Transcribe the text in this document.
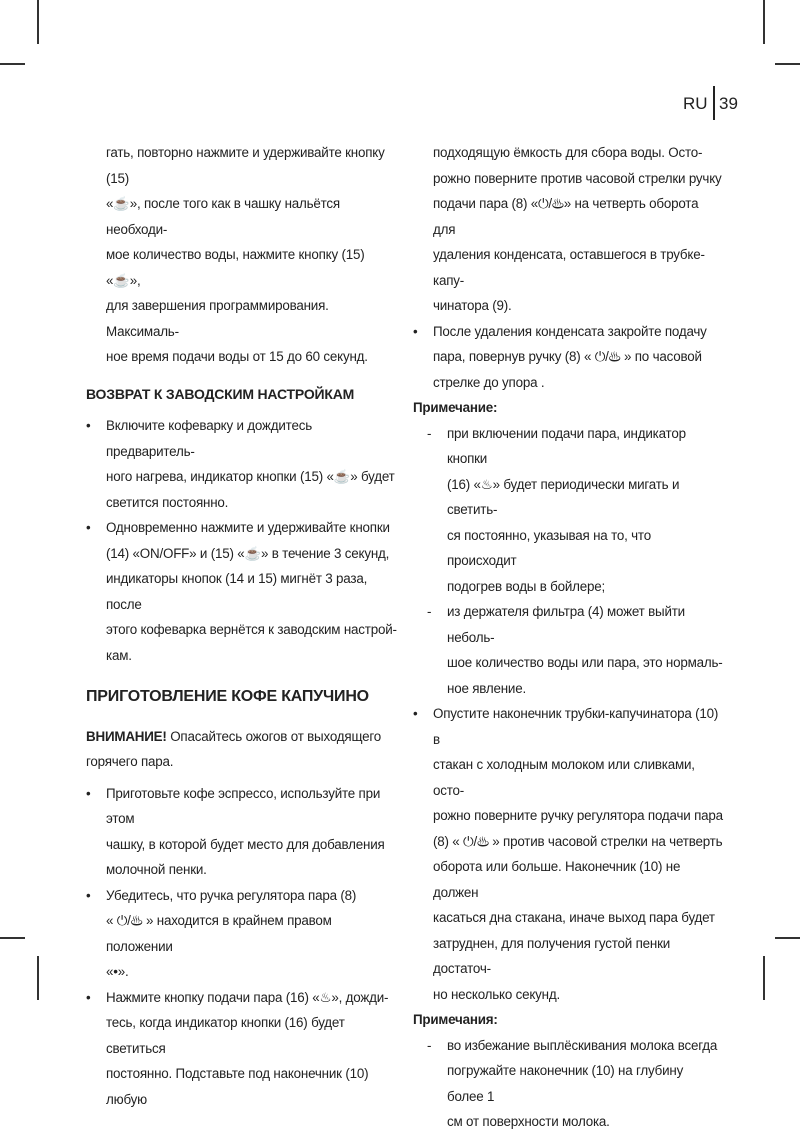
RU 39

гать, повторно нажмите и удерживайте кнопку (15)

«☕», после того как в чашку нальётся необходи-

мое количество воды, нажмите кнопку (15) «☕»,

для завершения программирования. Максималь-

ное время подачи воды от 15 до 60 секунд.

ВОЗВРАТ К ЗАВОДСКИМ НАСТРОЙКАМ
• Включите кофеварку и дождитесь предваритель-

ного нагрева, индикатор кнопки (15) «☕» будет

светится постоянно.

• Одновременно нажмите и удерживайте кнопки

(14) «ON/OFF» и (15) «☕» в течение 3 секунд,

индикаторы кнопок (14 и 15) мигнёт 3 раза, после

этого кофеварка вернётся к заводским настрой-

кам.

ПРИГОТОВЛЕНИЕ КОФЕ КАПУЧИНО

ВНИМАНИЕ! Опасайтесь ожогов от выходящего

горячего пара.

• Приготовьте кофе эспрессо, используйте при этом

чашку, в которой будет место для добавления

молочной пенки.

• Убедитесь, что ручка регулятора пара (8)

« ⏻/♨ » находится в крайнем правом положении

«•».

• Нажмите кнопку подачи пара (16) «♨», дожди-

тесь, когда индикатор кнопки (16) будет светиться

постоянно. Подставьте под наконечник (10) любую

подходящую ёмкость для сбора воды. Осто-

рожно поверните против часовой стрелки ручку

подачи пара (8) «⏻/♨» на четверть оборота для

удаления конденсата, оставшегося в трубке-капу-

чинатора (9).

• После удаления конденсата закройте подачу

пара, повернув ручку (8) « ⏻/♨ » по часовой

стрелке до упора .

Примечание:

- при включении подачи пара, индикатор кнопки

(16) «♨» будет периодически мигать и светить-

ся постоянно, указывая на то, что происходит

подогрев воды в бойлере;

- из держателя фильтра (4) может выйти неболь-

шое количество воды или пара, это нормаль-

ное явление.

• Опустите наконечник трубки-капучинатора (10) в

стакан с холодным молоком или сливками, осто-

рожно поверните ручку регулятора подачи пара

(8) « ⏻/♨ » против часовой стрелки на четверть

оборота или больше. Наконечник (10) не должен

касаться дна стакана, иначе выход пара будет

затруднен, для получения густой пенки достаточ-

но несколько секунд.

Примечания:

- во избежание выплёскивания молока всегда

погружайте наконечник (10) на глубину более 1

см от поверхности молока.
